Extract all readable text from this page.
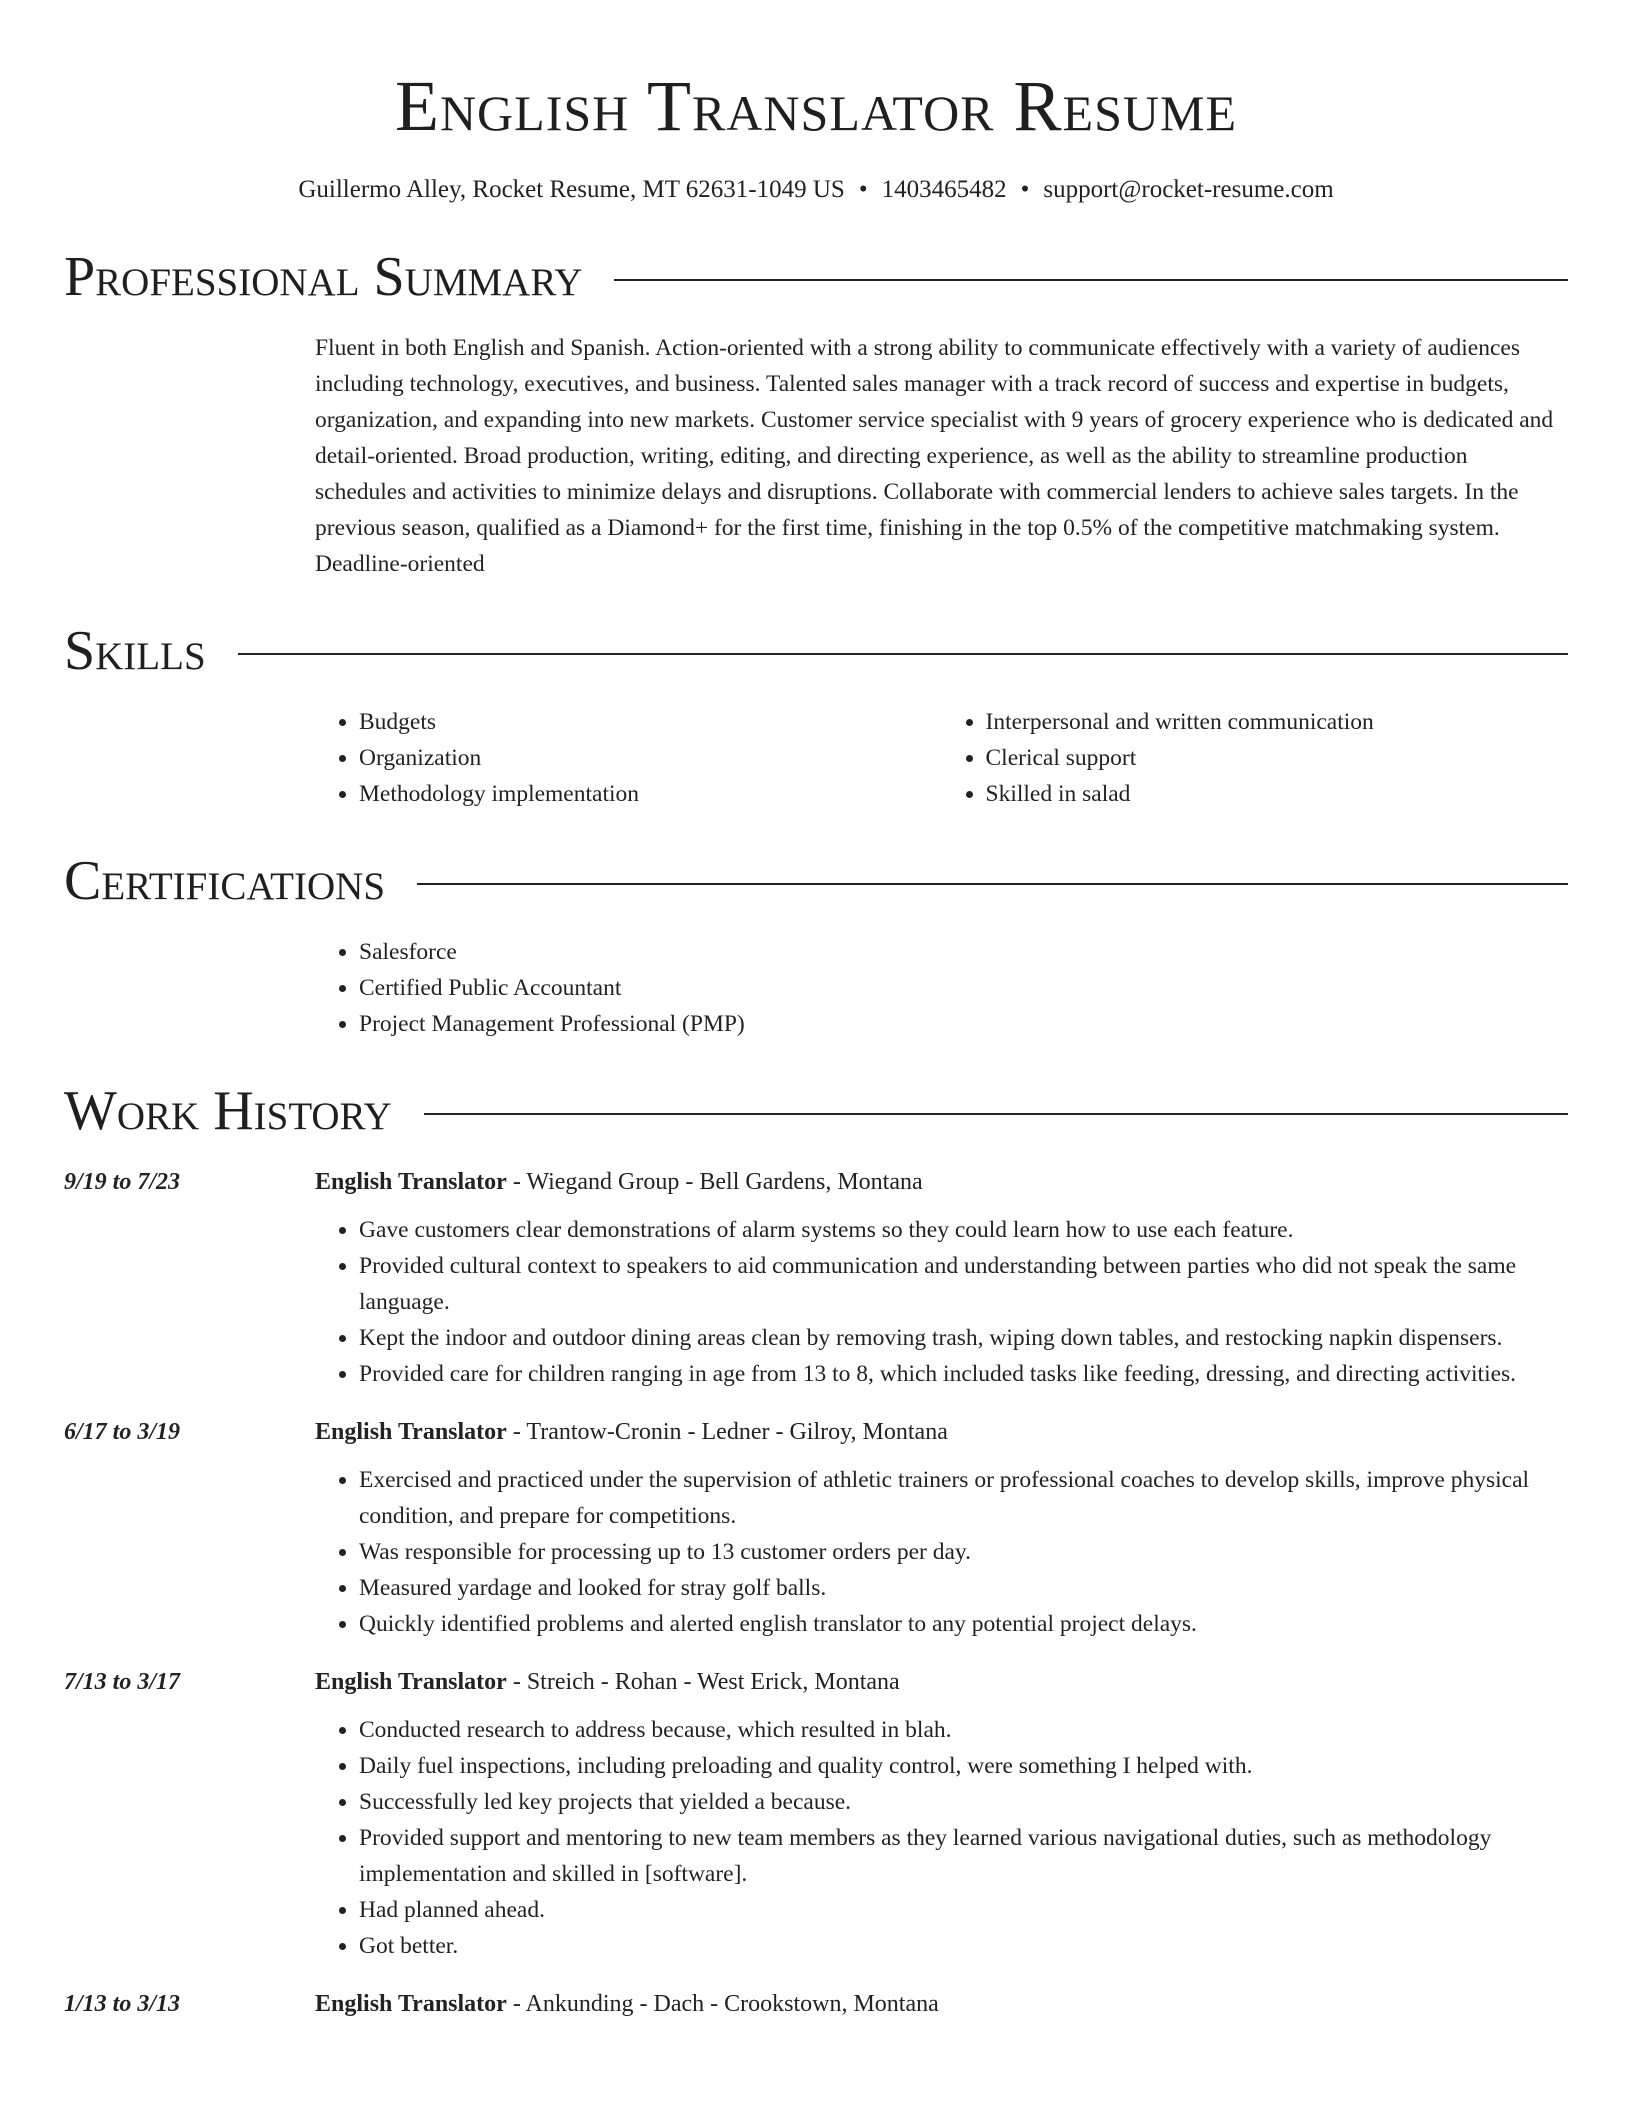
English Translator Resume
Guillermo Alley, Rocket Resume, MT 62631-1049 US • 1403465482 • support@rocket-resume.com
Professional Summary

Fluent in both English and Spanish. Action-oriented with a strong ability to communicate effectively with a variety of audiences including technology, executives, and business. Talented sales manager with a track record of success and expertise in budgets, organization, and expanding into new markets. Customer service specialist with 9 years of grocery experience who is dedicated and detail-oriented. Broad production, writing, editing, and directing experience, as well as the ability to streamline production schedules and activities to minimize delays and disruptions. Collaborate with commercial lenders to achieve sales targets. In the previous season, qualified as a Diamond+ for the first time, finishing in the top 0.5% of the competitive matchmaking system. Deadline-oriented

Skills
• Budgets
• Organization
• Methodology implementation
• Interpersonal and written communication
• Clerical support
• Skilled in salad
Certifications
• Salesforce
• Certified Public Accountant
• Project Management Professional (PMP)
Work History
9/19 to 7/23	English Translator - Wiegand Group - Bell Gardens, Montana
• Gave customers clear demonstrations of alarm systems so they could learn how to use each feature.
• Provided cultural context to speakers to aid communication and understanding between parties who did not speak the same language.
• Kept the indoor and outdoor dining areas clean by removing trash, wiping down tables, and restocking napkin dispensers.
• Provided care for children ranging in age from 13 to 8, which included tasks like feeding, dressing, and directing activities.
6/17 to 3/19	English Translator - Trantow-Cronin - Ledner - Gilroy, Montana
• Exercised and practiced under the supervision of athletic trainers or professional coaches to develop skills, improve physical condition, and prepare for competitions.
• Was responsible for processing up to 13 customer orders per day.
• Measured yardage and looked for stray golf balls.
• Quickly identified problems and alerted english translator to any potential project delays.
7/13 to 3/17	English Translator - Streich - Rohan - West Erick, Montana
• Conducted research to address because, which resulted in blah.
• Daily fuel inspections, including preloading and quality control, were something I helped with.
• Successfully led key projects that yielded a because.
• Provided support and mentoring to new team members as they learned various navigational duties, such as methodology implementation and skilled in [software].
• Had planned ahead.
• Got better.
1/13 to 3/13	English Translator - Ankunding - Dach - Crookstown, Montana
